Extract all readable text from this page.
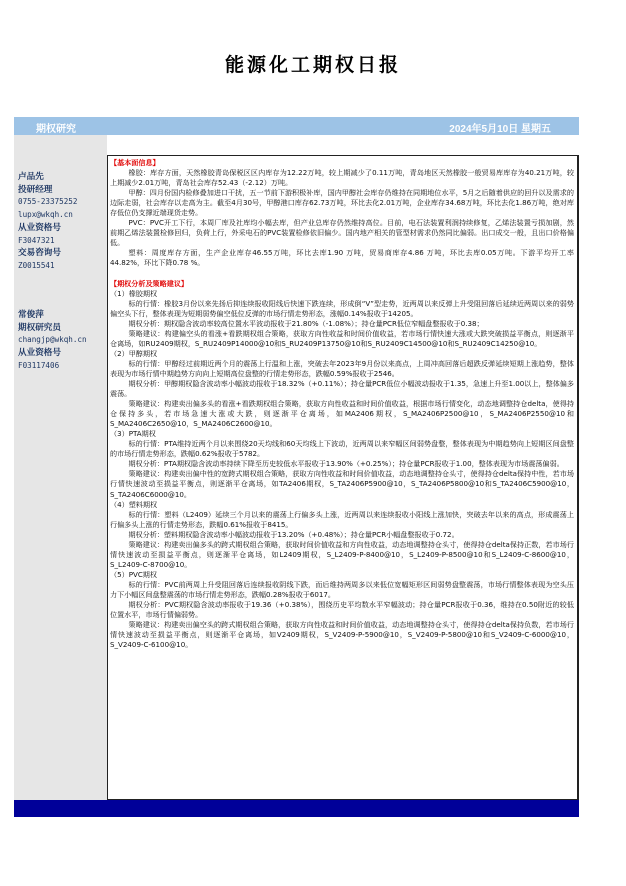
能源化工期权日报
期权研究	2024年5月10日 星期五
卢品先
投研经理
0755-23375252
lupx@wkqh.cn
从业资格号
F3047321
交易咨询号
Z0015541
常俊萍
期权研究员
changjp@wkqh.cn
从业资格号
F03117406

【基本面信息】

橡胶：库存方面，天然橡胶青岛保税区区内库存为12.22万吨，较上期减少了0.11万吨，青岛地区天然橡胶一般贸易库库存为40.21万吨，较上期减少2.01万吨，青岛社会库存52.43（-2.12）万吨。

甲醇：四月份国内检修叠加进口干扰，五一节前下游积极补库，国内甲醇社会库存仍维持在同期地位水平，5月之后随着供应的回升以及需求的边际走弱，社会库存以走高为主。截至4月30号，甲醇港口库存62.73万吨，环比去化2.01万吨，企业库存34.68万吨，环比去化1.86万吨，绝对库存低位仍支撑近端现货走势。

PVC：PVC开工下行，本周厂库及社库均小幅去库，但产业总库存仍然维持高位。目前，电石法装置利润持续修复，乙烯法装置亏损加剧，然前期乙烯法装置检修回归，负荷上行，外采电石的PVC装置检修依旧偏少。国内地产相关的管型材需求仍然同比偏弱。出口成交一般，且出口价格偏低。

塑料：周度库存方面，生产企业库存46.55万吨，环比去库1.90 万吨，贸易商库存4.86 万吨，环比去库0.05万吨。下游平均开工率44.82%，环比下降0.78 %。

【期权分析及策略建议】

（1）橡胶期权

标的行情：橡胶3月份以来先扬后抑连续报收阳线后快速下跌连续，形成倒“V”型走势，近两周以来反弹上升受阻回落后延续近两周以来的弱势偏空头下行，整体表现为短期弱势偏空低位反弹的市场行情走势形态，涨幅0.14%报收于14205。

期权分析：期权隐含波动率较高位置水平波动报收于21.80%（-1.08%）；持仓量PCR低位窄幅盘整报收于0.38；

策略建议：构建偏空头的看涨+看跌期权组合策略，获取方向性收益和时间价值收益，若市场行情快速大涨或大跌突破损益平衡点，则逐渐平仓离场，如RU2409期权，S_RU2409P14000@10和S_RU2409P13750@10和S_RU2409C14500@10和S_RU2409C14250@10。

（2）甲醇期权

标的行情：甲醇经过前期近两个月的震荡上行温和上涨，突破去年2023年9月份以来高点，上周冲高回落后超跌反弹延续短期上涨趋势，整体表现为市场行情中期趋势方向向上短期高位盘整的行情走势形态，跌幅0.59%报收于2546。

期权分析：甲醇期权隐含波动率小幅波动报收于18.32%（+0.11%）；持仓量PCR低位小幅波动报收于1.35，急速上升至1.00以上，整体偏多震荡。

策略建议：构建卖出偏多头的看涨+看跌期权组合策略，获取方向性收益和时间价值收益，根据市场行情变化，动态地调整持仓delta，使得持仓保持多头，若市场急速大涨或大跌，则逐渐平仓离场，如MA2406期权，S_MA2406P2500@10，S_MA2406P2550@10和S_MA2406C2650@10，S_MA2406C2600@10。

（3）PTA期权

标的行情：PTA维持近两个月以来围绕20天均线和60天均线上下波动，近两周以来窄幅区间弱势盘整，整体表现为中期趋势向上短期区间盘整的市场行情走势形态，跌幅0.62%报收于5782。

期权分析：PTA期权隐含波动率持续下降至历史较低水平报收于13.90%（+0.25%）；持仓量PCR报收于1.00，整体表现为市场震荡偏弱。

策略建议：构建卖出偏中性的宽跨式期权组合策略，获取方向性收益和时间价值收益，动态地调整持仓头寸，使得持仓delta保持中性，若市场行情快速波动至损益平衡点，则逐渐平仓离场，如TA2406期权，S_TA2406P5900@10，S_TA2406P5800@10和S_TA2406C5900@10，S_TA2406C6000@10。

（4）塑料期权

标的行情：塑料（L2409）延续三个月以来的震荡上行偏多头上涨，近两周以来连续报收小阳线上涨加快，突破去年以来的高点，形成震荡上行偏多头上涨的行情走势形态，跌幅0.61%报收于8415。

期权分析：塑料期权隐含波动率小幅波动报收于13.20%（+0.48%）；持仓量PCR小幅盘整报收于0.72。

策略建议：构建卖出偏多头的跨式期权组合策略，获取时间价值收益和方向性收益，动态地调整持仓头寸，使得持仓delta保持正数，若市场行情快速波动至损益平衡点，则逐渐平仓离场，如L2409期权，S_L2409-P-8400@10，S_L2409-P-8500@10和S_L2409-C-8600@10，S_L2409-C-8700@10。

（5）PVC期权

标的行情：PVC前两周上升受阻回落后连续报收阴线下跌，而后维持两周多以来低位宽幅矩形区间弱势盘整震荡，市场行情整体表现为空头压力下小幅区间盘整震荡的市场行情走势形态，跌幅0.28%报收于6017。

期权分析：PVC期权隐含波动率报收于19.36（+0.38%），围绕历史平均数水平窄幅波动；持仓量PCR报收于0.36，维持在0.50附近的较低位置水平，市场行情偏弱势。

策略建议：构建卖出偏空头的跨式期权组合策略，获取方向性收益和时间价值收益，动态地调整持仓头寸，使得持仓delta保持负数，若市场行情快速波动至损益平衡点，则逐渐平仓离场，如V2409期权，S_V2409-P-5900@10，S_V2409-P-5800@10和S_V2409-C-6000@10，S_V2409-C-6100@10。
